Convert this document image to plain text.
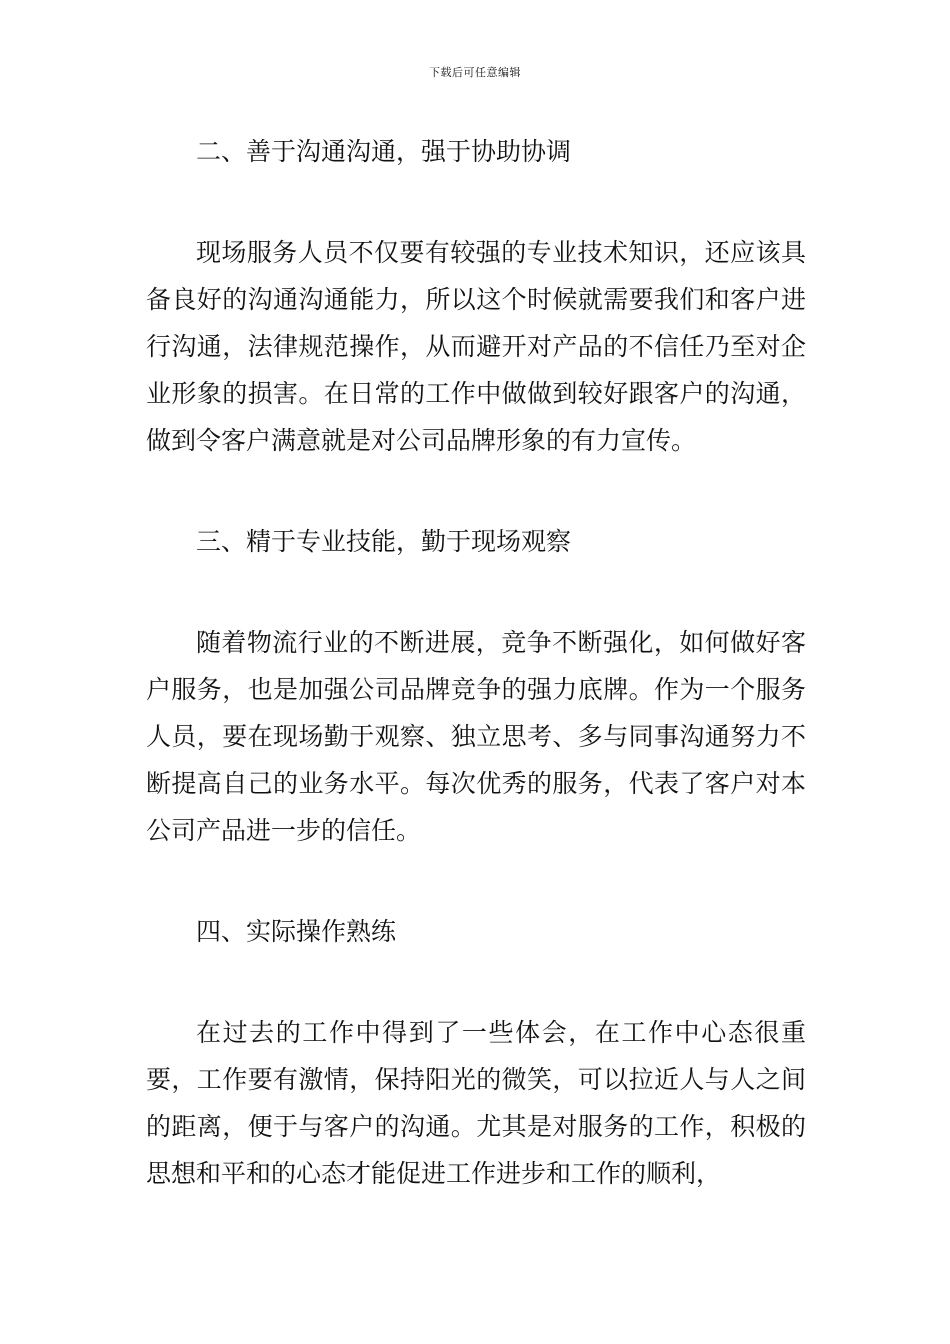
下载后可任意编辑

二、善于沟通沟通，强于协助协调

现场服务人员不仅要有较强的专业技术知识，还应该具备良好的沟通沟通能力，所以这个时候就需要我们和客户进行沟通，法律规范操作，从而避开对产品的不信任乃至对企业形象的损害。在日常的工作中做做到较好跟客户的沟通，做到令客户满意就是对公司品牌形象的有力宣传。

三、精于专业技能，勤于现场观察

随着物流行业的不断进展，竞争不断强化，如何做好客户服务，也是加强公司品牌竞争的强力底牌。作为一个服务人员，要在现场勤于观察、独立思考、多与同事沟通努力不断提高自己的业务水平。每次优秀的服务，代表了客户对本公司产品进一步的信任。

四、实际操作熟练

在过去的工作中得到了一些体会，在工作中心态很重要，工作要有激情，保持阳光的微笑，可以拉近人与人之间的距离，便于与客户的沟通。尤其是对服务的工作，积极的思想和平和的心态才能促进工作进步和工作的顺利，
